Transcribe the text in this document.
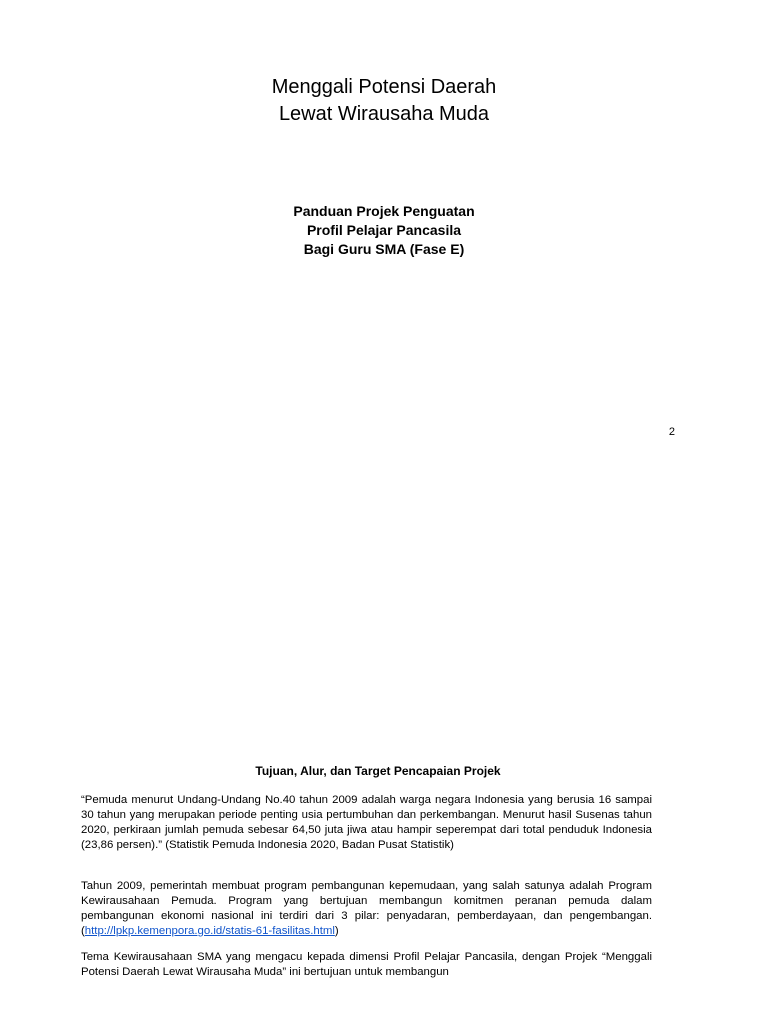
Menggali Potensi Daerah
Lewat Wirausaha Muda
Panduan Projek Penguatan
Profil Pelajar Pancasila
Bagi Guru SMA (Fase E)
2
Tujuan, Alur, dan Target Pencapaian Projek

“Pemuda menurut Undang-Undang No.40 tahun 2009 adalah warga negara Indonesia yang berusia 16 sampai 30 tahun yang merupakan periode penting usia pertumbuhan dan perkembangan. Menurut hasil Susenas tahun 2020, perkiraan jumlah pemuda sebesar 64,50 juta jiwa atau hampir seperempat dari total penduduk Indonesia (23,86 persen).” (Statistik Pemuda Indonesia 2020, Badan Pusat Statistik)

Tahun 2009, pemerintah membuat program pembangunan kepemudaan, yang salah satunya adalah Program Kewirausahaan Pemuda. Program yang bertujuan membangun komitmen peranan pemuda dalam pembangunan ekonomi nasional ini terdiri dari 3 pilar: penyadaran, pemberdayaan, dan pengembangan. (http://lpkp.kemenpora.go.id/statis-61-fasilitas.html)

Tema Kewirausahaan SMA yang mengacu kepada dimensi Profil Pelajar Pancasila, dengan Projek “Menggali Potensi Daerah Lewat Wirausaha Muda” ini bertujuan untuk membangun
